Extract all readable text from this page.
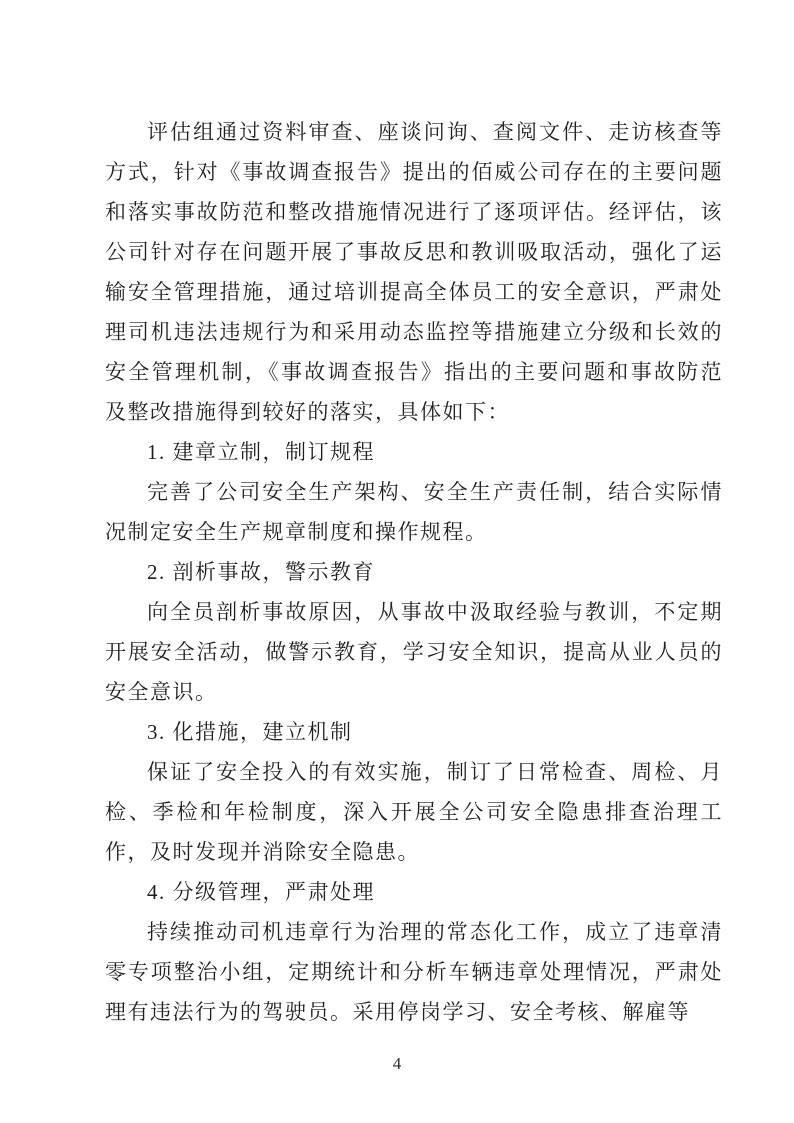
评估组通过资料审查、座谈问询、查阅文件、走访核查等方式，针对《事故调查报告》提出的佰威公司存在的主要问题和落实事故防范和整改措施情况进行了逐项评估。经评估，该公司针对存在问题开展了事故反思和教训吸取活动，强化了运输安全管理措施，通过培训提高全体员工的安全意识，严肃处理司机违法违规行为和采用动态监控等措施建立分级和长效的安全管理机制，《事故调查报告》指出的主要问题和事故防范及整改措施得到较好的落实，具体如下：

1. 建章立制，制订规程

完善了公司安全生产架构、安全生产责任制，结合实际情况制定安全生产规章制度和操作规程。

2. 剖析事故，警示教育

向全员剖析事故原因，从事故中汲取经验与教训，不定期开展安全活动，做警示教育，学习安全知识，提高从业人员的安全意识。

3. 化措施，建立机制

保证了安全投入的有效实施，制订了日常检查、周检、月检、季检和年检制度，深入开展全公司安全隐患排查治理工作，及时发现并消除安全隐患。

4. 分级管理，严肃处理

持续推动司机违章行为治理的常态化工作，成立了违章清零专项整治小组，定期统计和分析车辆违章处理情况，严肃处理有违法行为的驾驶员。采用停岗学习、安全考核、解雇等

4
